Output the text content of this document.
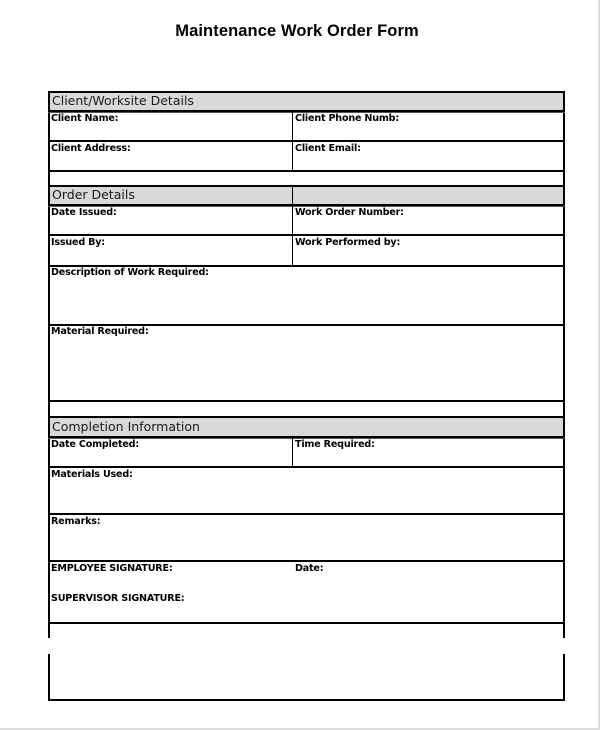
Maintenance Work Order Form
Client/Worksite Details
Order Details
Completion Information
Client Name:	Client Phone Numb:
Client Address:	Client Email:
Date Issued:	Work Order Number:
Issued By:	Work Performed by:
Description of Work Required:
Material Required:
Date Completed:	Time Required:
Materials Used:
Remarks:
EMPLOYEE SIGNATURE:	Date:
SUPERVISOR SIGNATURE:
